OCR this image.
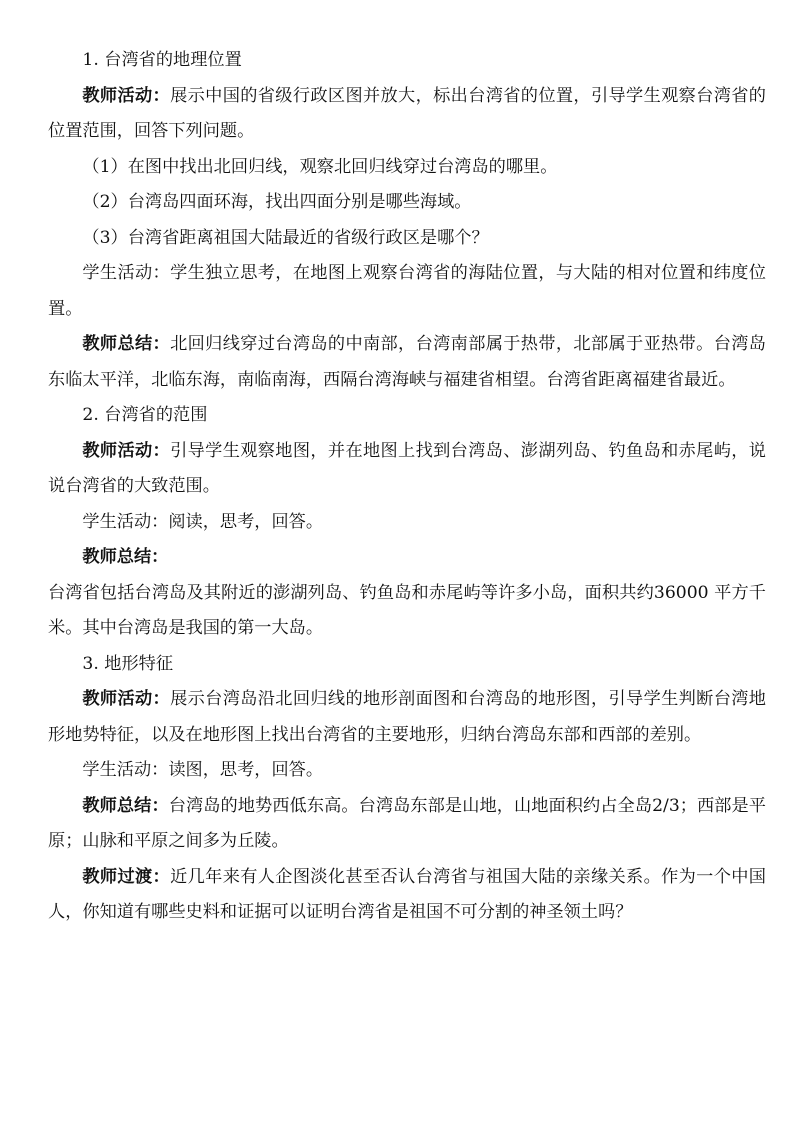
1. 台湾省的地理位置

教师活动：展示中国的省级行政区图并放大，标出台湾省的位置，引导学生观察台湾省的位置范围，回答下列问题。

（1）在图中找出北回归线，观察北回归线穿过台湾岛的哪里。

（2）台湾岛四面环海，找出四面分别是哪些海域。

（3）台湾省距离祖国大陆最近的省级行政区是哪个？

学生活动：学生独立思考，在地图上观察台湾省的海陆位置，与大陆的相对位置和纬度位置。

教师总结：北回归线穿过台湾岛的中南部，台湾南部属于热带，北部属于亚热带。台湾岛东临太平洋，北临东海，南临南海，西隔台湾海峡与福建省相望。台湾省距离福建省最近。

2. 台湾省的范围

教师活动：引导学生观察地图，并在地图上找到台湾岛、澎湖列岛、钓鱼岛和赤尾屿，说说台湾省的大致范围。

学生活动：阅读，思考，回答。

教师总结：

台湾省包括台湾岛及其附近的澎湖列岛、钓鱼岛和赤尾屿等许多小岛，面积共约36000 平方千米。其中台湾岛是我国的第一大岛。

3. 地形特征

教师活动：展示台湾岛沿北回归线的地形剖面图和台湾岛的地形图，引导学生判断台湾地形地势特征，以及在地形图上找出台湾省的主要地形，归纳台湾岛东部和西部的差别。

学生活动：读图，思考，回答。

教师总结：台湾岛的地势西低东高。台湾岛东部是山地，山地面积约占全岛2/3；西部是平原；山脉和平原之间多为丘陵。

教师过渡：近几年来有人企图淡化甚至否认台湾省与祖国大陆的亲缘关系。作为一个中国人，你知道有哪些史料和证据可以证明台湾省是祖国不可分割的神圣领土吗？
